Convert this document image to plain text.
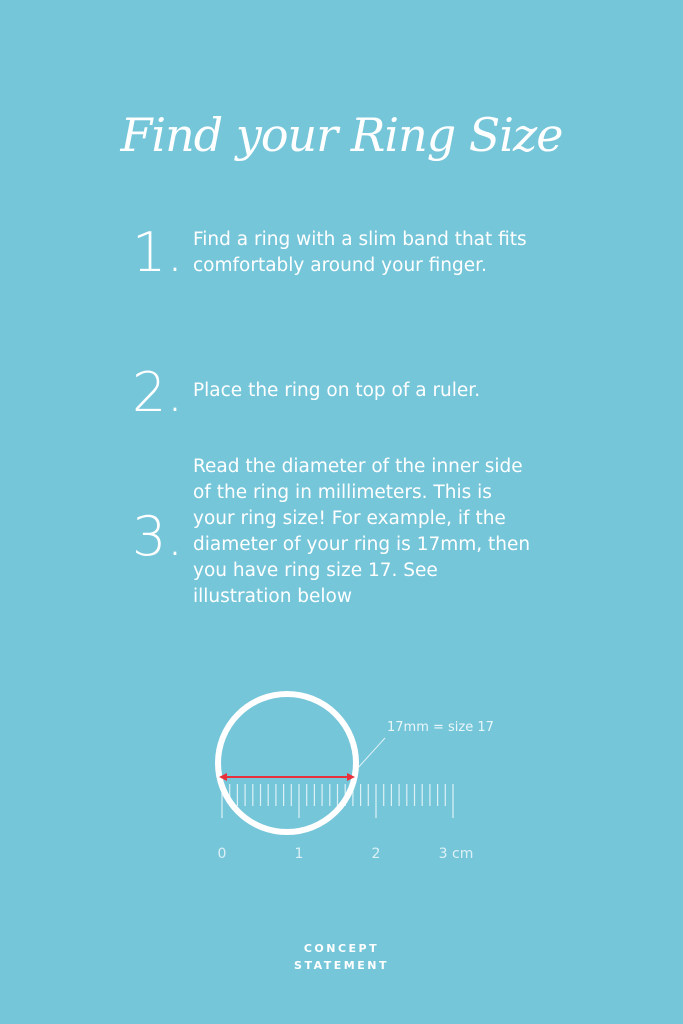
Find your Ring Size
1. Find a ring with a slim band that fits comfortably around your finger.
2. Place the ring on top of a ruler.
3.
Read the diameter of the inner side of the ring in millimeters. This is your ring size! For example, if the diameter of your ring is 17mm, then you have ring size 17. See illustration below
17mm = size 17
0	1	2	3 cm
CONCEPT
STATEMENT
